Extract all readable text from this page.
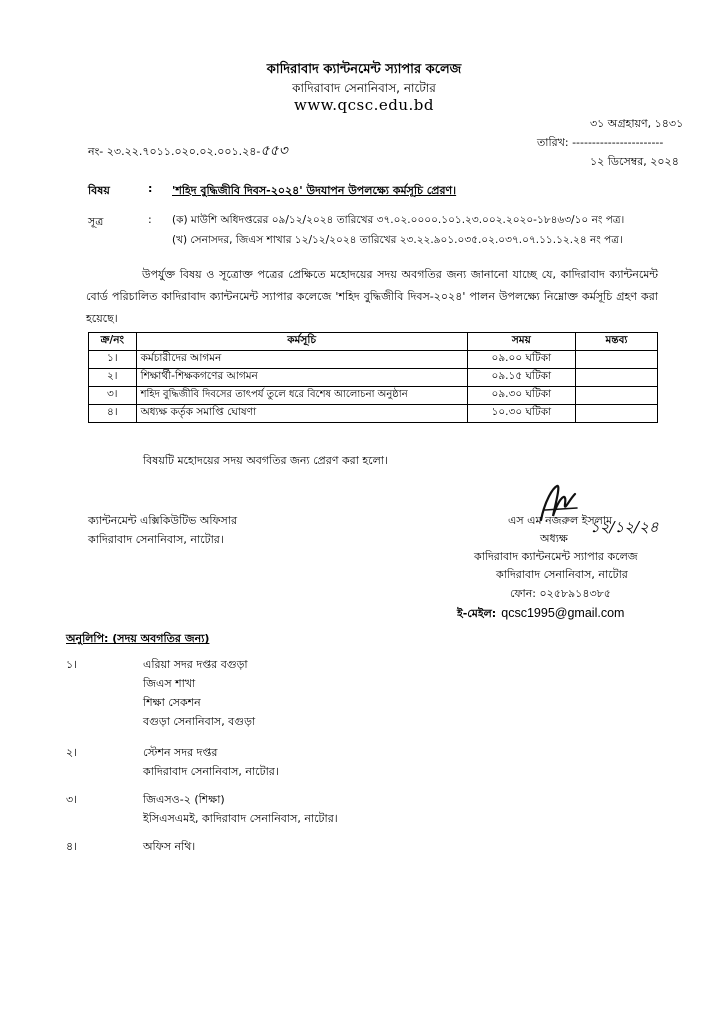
কাদিরাবাদ ক্যান্টনমেন্ট স্যাপার কলেজ
কাদিরাবাদ সেনানিবাস, নাটোর
www.qcsc.edu.bd
নং- ২৩.২২.৭০১১.০২০.০২.০০১.২৪-৫৫৩
৩১ অগ্রহায়ণ, ১৪৩১
তারিখ: -----------------------
১২ ডিসেম্বর, ২০২৪
বিষয়	: 'শহিদ বুদ্ধিজীবি দিবস-২০২৪' উদযাপন উপলক্ষ্যে কর্মসূচি প্রেরণ।
সূত্র	: (ক) মাউশি অধিদপ্তরের ০৯/১২/২০২৪ তারিখের ৩৭.০২.০০০০.১০১.২৩.০০২.২০২০-১৮৪৬৩/১০ নং পত্র।
(খ) সেনাসদর, জিএস শাখার ১২/১২/২০২৪ তারিখের ২৩.২২.৯০১.০৩৫.০২.০৩৭.০৭.১১.১২.২৪ নং পত্র।
উপর্যুক্ত বিষয় ও সূত্রোক্ত পত্রের প্রেক্ষিতে মহোদয়ের সদয় অবগতির জন্য জানানো যাচ্ছে যে, কাদিরাবাদ ক্যান্টনমেন্ট বোর্ড পরিচালিত কাদিরাবাদ ক্যান্টনমেন্ট স্যাপার কলেজে 'শহিদ বুদ্ধিজীবি দিবস-২০২৪' পালন উপলক্ষ্যে নিম্নোক্ত কর্মসূচি গ্রহণ করা হয়েছে।
ক্র/নং	কর্মসূচি	সময়	মন্তব্য
১।	কর্মচারীদের আগমন	০৯.০০ ঘটিকা	
২।	শিক্ষার্থী-শিক্ষকগণের আগমন	০৯.১৫ ঘটিকা	
৩।	শহিদ বুদ্ধিজীবি দিবসের তাৎপর্য তুলে ধরে বিশেষ আলোচনা অনুষ্ঠান	০৯.৩০ ঘটিকা	
৪।	অধ্যক্ষ কর্তৃক সমাপ্তি ঘোষণা	১০.৩০ ঘটিকা	
বিষয়টি মহোদয়ের সদয় অবগতির জন্য প্রেরণ করা হলো।
ক্যান্টনমেন্ট এক্সিকিউটিভ অফিসার
কাদিরাবাদ সেনানিবাস, নাটোর।
এস এম নজরুল ইসলাম
১২/১২/২৪
অধ্যক্ষ
কাদিরাবাদ ক্যান্টনমেন্ট স্যাপার কলেজ
কাদিরাবাদ সেনানিবাস, নাটোর
ফোন: ০২৫৮৯১৪৩৮৫
ই-মেইল: qcsc1995@gmail.com
অনুলিপি: (সদয় অবগতির জন্য)
১।	এরিয়া সদর দপ্তর বগুড়া
জিএস শাখা
শিক্ষা সেকশন
বগুড়া সেনানিবাস, বগুড়া
২।	স্টেশন সদর দপ্তর
কাদিরাবাদ সেনানিবাস, নাটোর।
৩।	জিএসও-২ (শিক্ষা)
ইসিএসএমই, কাদিরাবাদ সেনানিবাস, নাটোর।
৪।	অফিস নথি।
